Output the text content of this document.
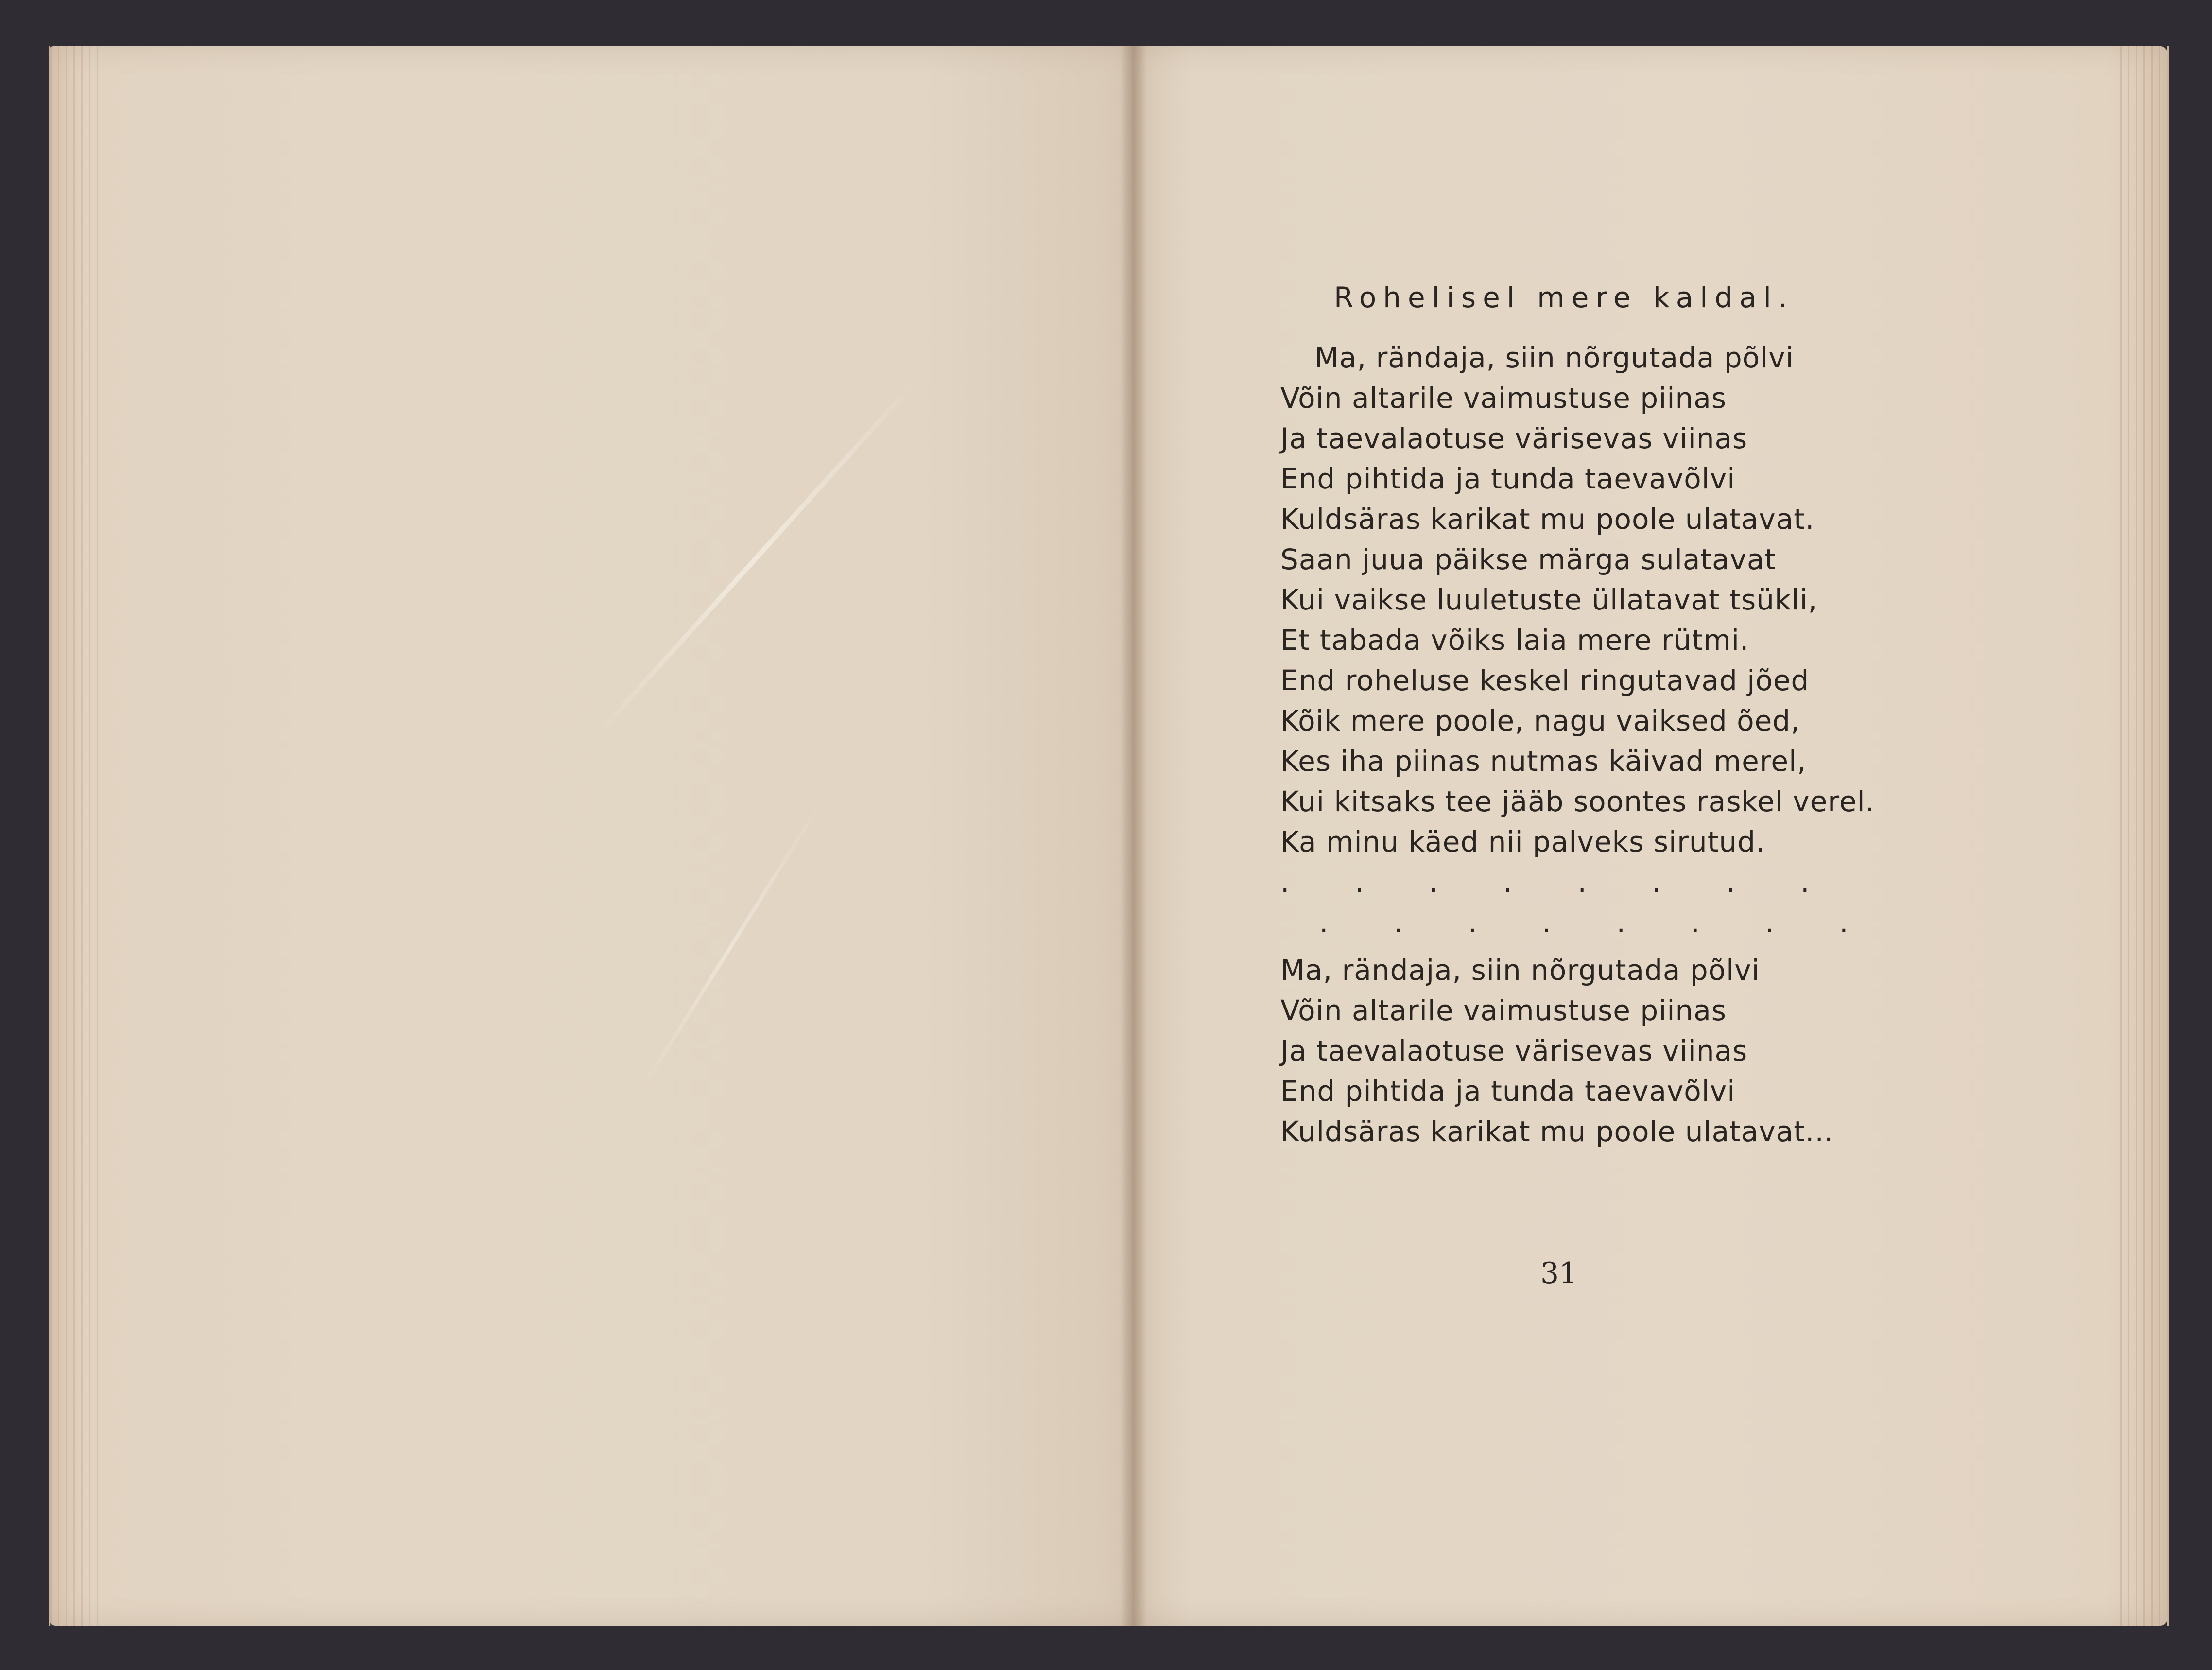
Rohelisel mere kaldal.
Ma, rändaja, siin nõrgutada põlvi
Võin altarile vaimustuse piinas
Ja taevalaotuse värisevas viinas
End pihtida ja tunda taevavõlvi
Kuldsäras karikat mu poole ulatavat.
Saan juua päikse märga sulatavat
Kui vaikse luuletuste üllatavat tsükli,
Et tabada võiks laia mere rütmi.
End roheluse keskel ringutavad jõed
Kõik mere poole, nagu vaiksed õed,
Kes iha piinas nutmas käivad merel,
Kui kitsaks tee jääb soontes raskel verel.
Ka minu käed nii palveks sirutud.
. . . . . . . .
. . . . . . . .
Ma, rändaja, siin nõrgutada põlvi
Võin altarile vaimustuse piinas
Ja taevalaotuse värisevas viinas
End pihtida ja tunda taevavõlvi
Kuldsäras karikat mu poole ulatavat...
31
